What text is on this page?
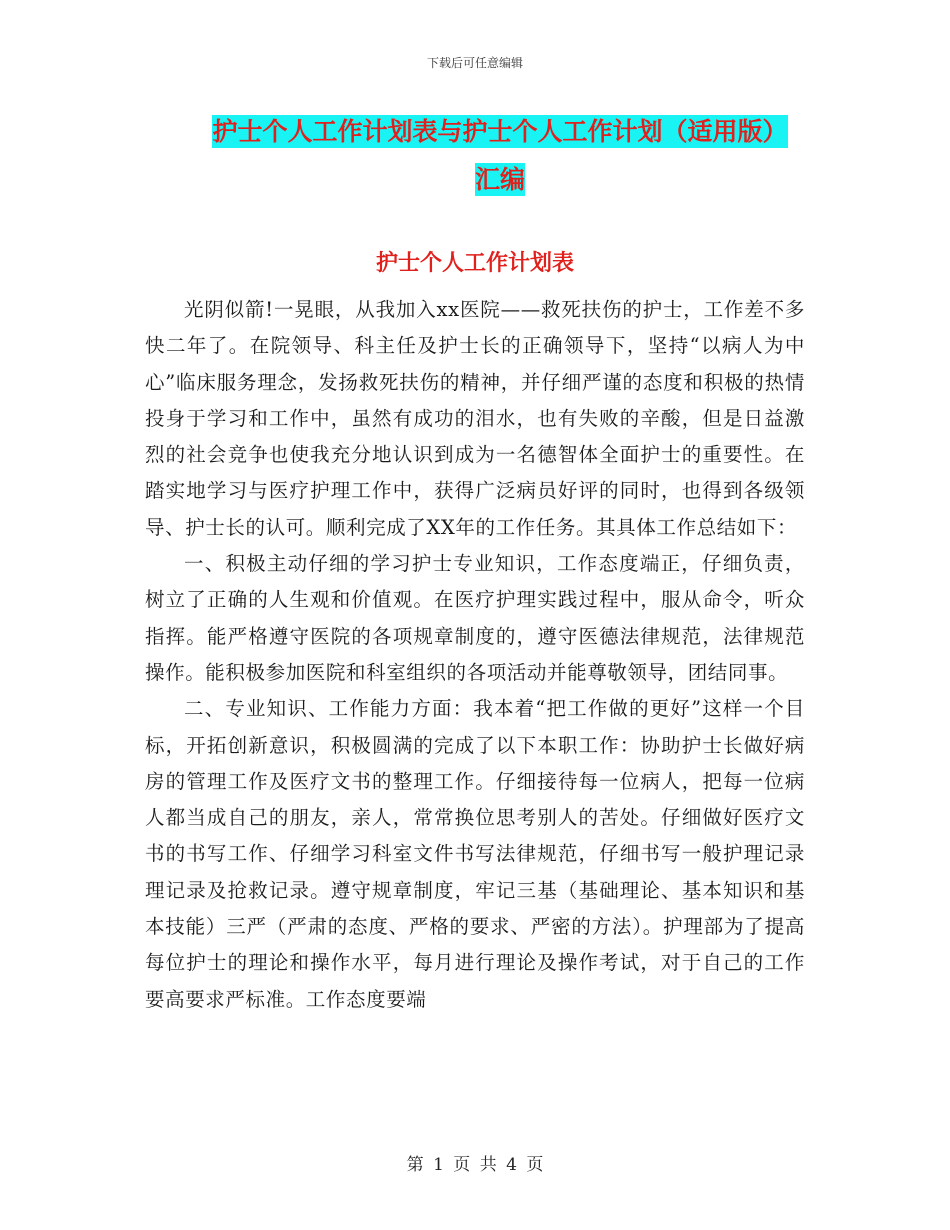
下载后可任意编辑
护士个人工作计划表与护士个人工作计划（适用版）
汇编
护士个人工作计划表

光阴似箭!一晃眼，从我加入xx医院——救死扶伤的护士，工作差不多快二年了。在院领导、科主任及护士长的正确领导下，坚持“以病人为中心”临床服务理念，发扬救死扶伤的精神，并仔细严谨的态度和积极的热情投身于学习和工作中，虽然有成功的泪水，也有失败的辛酸，但是日益激烈的社会竞争也使我充分地认识到成为一名德智体全面护士的重要性。在踏实地学习与医疗护理工作中，获得广泛病员好评的同时，也得到各级领导、护士长的认可。顺利完成了XX年的工作任务。其具体工作总结如下：

一、积极主动仔细的学习护士专业知识，工作态度端正，仔细负责，树立了正确的人生观和价值观。在医疗护理实践过程中，服从命令，听众指挥。能严格遵守医院的各项规章制度的，遵守医德法律规范，法律规范操作。能积极参加医院和科室组织的各项活动并能尊敬领导，团结同事。

二、专业知识、工作能力方面：我本着“把工作做的更好”这样一个目标，开拓创新意识，积极圆满的完成了以下本职工作：协助护士长做好病房的管理工作及医疗文书的整理工作。仔细接待每一位病人，把每一位病人都当成自己的朋友，亲人，常常换位思考别人的苦处。仔细做好医疗文书的书写工作、仔细学习科室文件书写法律规范，仔细书写一般护理记录理记录及抢救记录。遵守规章制度，牢记三基（基础理论、基本知识和基本技能）三严（严肃的态度、严格的要求、严密的方法）。护理部为了提高每位护士的理论和操作水平，每月进行理论及操作考试，对于自己的工作要高要求严标准。工作态度要端

第 1 页 共 4 页
